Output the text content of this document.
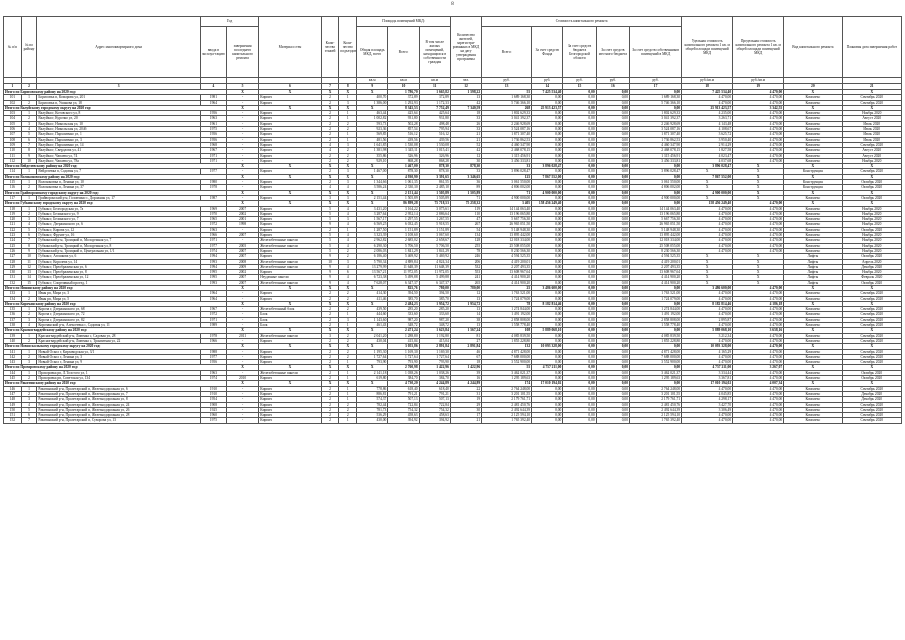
8
№ п/п	№ по району	Адрес многоквартирного дома	Год		Материал стен	Коли-чество этажей	Коли-чество подъездов	Площадь помещений МКД:			Количество жителей, зарегистри-рованных в МКД на дату утверждения программы	Стоимость капитального ремонта					Удельная стоимость капитального ремонта 1 кв. м общей площади помещений МКД	Предельная стоимость капитального ремонта 1 кв. м общей площади помещений МКД	Вид капитального ремонта	Плановая дата завершения работ
			ввода в эксплуа-тацию	завершения последнего капитального ремонта				Общая площадь МКД, всего	Всего:	В том числе жилых помещений, находящихся в собственности граждан		Всего:	За счет средств Фонда	За счет средств бюджета Белгородской области	За счет средств местного бюджета	За счет средств собственников помещений в МКД				
								кв.м	кв.м	кв.м	чел.	руб.	руб.	руб.	руб.	руб.	руб./кв.м	руб./кв.м		
1	2	3	4	5	6	7	8	9	10	11	12	13	14	15	16	17	18	19	20	21
Итого по Борисовскому району на 2020 год:				X	X	X	X	X	1 786,70	1 665,82	1 598,22	55	7 425 534,40	0,00	0,00	0,00	7 425 534,40	4 470,00	X	X
101	1	Борисовка п, Комарова ул, 201	1981	-	Кирпич	2	1	400,70	372,89	372,89	13	1 689 168,30	0,00	0,00	0,00	1 689 168,30	4 470,00	4 470,00	Комплекс	Сентябрь 2020
102	2	Борисовка п, Ушакова ул, 18	1964	-	Кирпич	2	3	1 386,00	1 292,93	1 172,33	42	5 746 366,10	0,00	0,00	0,00	5 746 366,10	4 470,00	4 470,00	Комплекс	Сентябрь 2020
Итого по Валуйскому городскому округу на 2020 год:				X	X	X	X	X	8 345,53	7 752,49	7 340,59	268	25 913 423,57	0,00	0,00	0,00	25 913 423,57	3 342,55	X	X
103	1	Валуйки г, Котовского ул, 8	1956	-	Кирпич	2	1	463,44	425,64	425,64	18	1 802 629,33	0,00	0,00	0,00	1 802 629,33	4 235,00	4 470,00	Комплекс	Ноябрь 2020
104	2	Валуйки г, Курочко ул, 20	1963	-	Кирпич	2	1	1 002,82	931,80	931,80	33	3 041 392,37	0,00	0,00	0,00	3 041 392,37	3 263,71	4 470,00	Комплекс	Август 2020
105	3	Валуйки г, Никольская ул, 10	1961	-	Кирпич	2	2	593,73	502,28	498,48	26	2 246 928,69	0,00	0,00	0,00	2 246 928,69	4 143,48	4 470,00	Комплекс	Июль 2020
106	4	Валуйки г, Никольская ул, 204б	1975	-	Кирпич	2	2	923,36	857,54	795,94	33	3 524 087,16	0,00	0,00	0,00	3 524 087,16	4 108,67	4 470,00	Комплекс	Июль 2020
107	5	Валуйки г, Пархоменко ул, 1	1956	-	Кирпич	2	1	569,85	516,12	516,12	21	1 871 307,40	0,00	0,00	0,00	1 871 307,40	3 625,72	4 470,00	Комплекс	Июль 2020
108	6	Валуйки г, Пархоменко ул, 3	1956	-	Кирпич	2	1	481,56	439,56	439,56	21	1 736 862,53	0,00	0,00	0,00	1 736 862,53	3 950,40	4 470,00	Комплекс	Июль 2020
109	7	Валуйки г, Пархоменко ул, 14	1968	-	Кирпич	4	3	1 641,85	1 530,08	1 530,08	52	4 460 347,90	0,00	0,00	0,00	4 460 347,90	2 914,29	4 470,00	Комплекс	Сентябрь 2020
110	8	Валуйки г, Свердлова ул, 41	1967	-	Кирпич	4	2	1 381,98	1 345,11	1 015,41	42	2 468 078,15	0,00	0,00	0,00	2 468 078,15	1 827,58	4 470,00	Комплекс	Август 2020
111	9	Валуйки г, Чапаева ул, 74	1971	-	Кирпич	2	2	355,86	326,96	326,96	12	1 315 456,91	0,00	0,00	0,00	1 315 456,91	4 023,47	4 470,00	Комплекс	Август 2020
112	10	Валуйки г, Чапаева ул, 78а	1971	-	Кирпич	2	2	929,10	868,28	868,28	30	3 456 333,81	0,00	0,00	0,00	3 456 333,81	4 037,68	4 470,00	Комплекс	Ноябрь 2020
Итого по Вейделевскому району на 2020 год:				X	X	X	X	X	1 467,00	878,30	878,30	33	3 896 028,47	0,00	0,00	0,00	3 896 028,47	X	X	X
114	1	Вейделевка п, Садовая ул, 7	1977	-	Кирпич	2	3	1 467,00	878,30	878,30	33	3 896 028,47	0,00	0,00	0,00	3 896 028,47	X	X	Конструкция	Сентябрь 2020
Итого по Волоконовскому району на 2020 год:				X	X	X	X	X	4 930,90	3 391,65	3 346,65	125	7 867 552,00	0,00	0,00	0,00	7 867 552,00	X	X	X
115	1	Волоконовка п, Ленина ул, 10	1980	-	Кирпич	2	3	1 344,66	1 061,35	861,55	36	3 061 550,00	0,00	0,00	0,00	3 061 550,00	X	X	Конструкция	Октябрь 2020
116	2	Волоконовка п, Ленина ул, 37	1978	-	Кирпич	4	4	3 586,24	2 330,30	2 485,10	89	4 806 002,00	0,00	0,00	0,00	4 806 002,00	X	X	Конструкция	Октябрь 2020
Итого по Грайворонскому городскому округу на 2020 год:				X	X	X	X	X	2 151,44	1 505,89	1 505,89	71	4 900 000,00	0,00	0,00	0,00	4 900 000,00	X	X	X
117	1	Грайворонский р-н, Головчино с, Дорожная ул, 17	1987	-	Кирпич	3	3	2 151,44	1 505,89	1 505,89	71	4 900 000,00	0,00	0,00	0,00	4 900 000,00	X	X	Комплекс	Октябрь 2020
Итого по Губкинскому городскому округу на 2020 год:				X	X	X	X	X	86 899,28	75 718,53	75 258,32	3 405	158 456 249,40	0,00	0,00	0,00	158 456 249,40	4 470,00	X	X
118	1	Губкин г, Белгородская ул, 7а	1969	2007	Кирпич	5	4	3 431,20	3 164,22	3 075,61	119	14 144 063,40	0,00	0,00	0,00	14 144 063,40	4 470,00	4 470,00	Комплекс	Ноябрь 2020
119	2	Губкин г, Белинского ул, 9	1970	2002	Кирпич	5	4	3 287,64	2 952,14	2 886,64	110	13 196 065,80	0,00	0,00	0,00	13 196 065,80	4 470,00	4 470,00	Комплекс	Ноябрь 2020
120	3	Губкин г, Белинского ул, 7	1965	2001	Кирпич	5	3	1 567,17	1 297,55	1 267,55	47	5 667 756,30	0,00	0,00	0,00	5 667 756,30	4 470,00	4 470,00	Комплекс	Ноябрь 2020
121	4	Губкин г, Дзержинского ул, 6	1972	1998	Кирпич	9	4	6 569,25	6 032,45	5 918,55	267	26 965 051,50	0,00	0,00	0,00	26 965 051,50	4 470,00	4 470,00	Комплекс	Ноябрь 2020
122	5	Губкин г, Кирова ул, 12	1963	-	Кирпич	2	1	1 287,50	1 151,89	1 151,89	54	5 148 948,30	0,00	0,00	0,00	5 148 948,30	4 470,00	4 470,00	Комплекс	Октябрь 2020
123	6	Губкин г, Фрунзе ул, 16	1966	2007	Кирпич	5	4	3 323,39	3 108,60	3 067,60	134	13 895 442,00	0,00	0,00	0,00	13 895 442,00	4 470,00	4 470,00	Комплекс	Ноябрь 2020
124	7	Губкинский р-н, Троицкий п, Молодежная ул, 7	1971	-	Железобетонные панели	5	4	2 962,82	2 685,02	2 658,67	128	12 018 334,00	0,00	0,00	0,00	12 018 334,00	4 470,00	4 470,00	Комплекс	Ноябрь 2020
125	8	Губкинский р-н, Троицкий п, Молодежная ул, 8	1977	2005	Железобетонные панели	5	4	6 290,30	5 706,50	5 706,50	255	25 508 055,00	0,00	0,00	0,00	25 508 055,00	4 470,00	4 470,00	Комплекс	Ноябрь 2020
126	9	Губкинский р-н, Троицкий п, Центральная ул, 1/1	1974	2007	Кирпич	5	2	2 086,03	1 841,29	1 841,29	78	8 230 566,30	0,00	0,00	0,00	8 230 566,30	4 470,00	4 470,00	Комплекс	Ноябрь 2020
127	10	Губкин г, Агошкова ул, 6	1994	2007	Кирпич	9	2	6 186,40	5 469,92	5 469,92	246	4 594 525,35	0,00	0,00	0,00	4 594 525,35	X	X	Лифты	Октябрь 2020
128	11	Губкин г, Королева ул, 14	1993	2008	Железобетонные панели	10	3	5 790,34	4 889,84	4 824,34	206	4 419 200,01	0,00	0,00	0,00	4 419 200,01	X	X	Лифты	Апрель 2020
129	12	Губкин г, Преображенская ул, 6	1994	2009	Железобетонные панели	9	4	13 279,99	11 648,39	11 648,39	532	2 207 493,35	0,00	0,00	0,00	2 207 493,35	X	X	Лифты	Декабрь 2020
130	13	Губкин г, Преображенская ул, 8	1995	2002	Кирпич	9	6	13 567,21	11 972,05	11 972,05	553	13 608 967,64	0,00	0,00	0,00	13 608 967,64	X	X	Лифты	Ноябрь 2020
131	14	Губкин г, Преображенская ул, 12	1995	2007	Неудачные панели	9	4	6 723,38	5 499,88	5 499,88	241	4 414 900,20	0,00	0,00	0,00	4 414 900,20	X	X	Лифты	Февраль 2020
132	15	Губкин г, Спортивный проезд, 1	1993	2007	Железобетонные панели	9	4	7 628,07	6 347,37	6 347,37	265	4 414 900,20	0,00	0,00	0,00	4 414 900,20	X	X	Лифты	Октябрь 2020
Итого по Ивнянскому району на 2020 год:				X	X	X	X	X	825,76	780,00	780,00	25	3 486 600,00	0,00	0,00	0,00	3 486 600,00	4 470,00	X	X
133	1	Ивня рп, Мира ул, 3	1964	-	Кирпич	2	2	414,30	394,50	394,50	12	1 763 521,00	0,00	0,00	0,00	1 763 521,00	4 470,00	4 470,00	Комплекс	Сентябрь 2020
134	2	Ивня рп, Мира ул, 5	1964	-	Кирпич	2	2	411,46	385,70	385,70	13	1 724 079,00	0,00	0,00	0,00	1 724 079,00	4 470,00	4 470,00	Комплекс	Сентябрь 2020
Итого по Корочанскому району на 2020 год:				X	X	X	X	X	2 484,23	1 954,72	1 954,72	78	8 182 814,46	0,00	0,00	0,00	8 182 814,46	4 186,18	X	X
135	1	Короча г, Дзержинского ул, 68	1967	-	Железобетонный блок	2	2	439,50	285,20	285,20	13	1 274 844,00	0,00	0,00	0,00	1 274 844,00	4 470,00	4 470,00	Комплекс	Сентябрь 2020
136	2	Короча г, Дзержинского ул, 72	1972	-	Блок	2	1	444,60	333,60	333,60	14	1 491 192,00	0,00	0,00	0,00	1 491 192,00	4 470,00	4 470,00	Комплекс	Сентябрь 2020
137	3	Короча г, Дзержинского ул, 82	1971	-	Блок	2	3	1 143,60	987,20	987,20	38	2 858 808,00	0,00	0,00	0,00	2 858 808,00	2 895,87	4 470,00	Комплекс	Сентябрь 2020
138	4	Корочанский р-н, Алексеевка с, Садовая ул, 11	1989	-	Блок	2	1	461,43	348,72	348,72	13	1 558 778,40	0,00	0,00	0,00	1 558 778,40	4 470,00	4 470,00	Комплекс	Сентябрь 2020
Итого по Красногвардейскому району на 2020 год:				X	X	X	X	X	2 471,24	1 623,84	1 567,24	108	5 889 068,10	0,00	0,00	0,00	5 889 068,10	3 658,16	X	X
139	1	Красногвардейский р-н, Ливенка с, Садовая ул, 28	1978	2011	Железобетонные панели	3	2	2 041,20	1 288,80	1 192,80	81	4 085 839,50	0,00	0,00	0,00	4 085 839,50	3 212,34	4 470,00	Комплекс	Сентябрь 2020
140	2	Красногвардейский р-н, Ливенка с, Транзитная ул, 22	1966	-	Кирпич	2	2	430,04	415,04	415,04	27	1 855 228,80	0,00	0,00	0,00	1 855 228,80	4 470,00	4 470,00	Комплекс	Сентябрь 2020
Итого по Новооскольскому городскому округу на 2020 год:				X	X	X	X	X	3 055,86	2 891,84	2 891,84	132	10 093 328,00	0,00	0,00	0,00	10 093 328,00	4 470,00	X	X
141	1	Новый Оскол г, Кирзаводская ул, 3/1	1988	-	Кирпич	2	2	1 195,30	1 169,30	1 169,30	46	4 871 428,00	0,00	0,00	0,00	4 871 428,00	4 165,29	4 470,00	Комплекс	Сентябрь 2020
142	2	Новый Оскол г, Ленина ул, 3	1977	-	Кирпич	2	2	1 727,64	1 727,64	1 727,64	67	7 688 000,00	0,00	0,00	0,00	7 688 000,00	4 470,00	4 470,00	Комплекс	Сентябрь 2020
143	3	Новый Оскол г, Ленина ул, 9	1956	-	Кирпич	2	1	793,90	793,90	793,90	18	3 552 900,00	0,00	0,00	0,00	3 552 900,00	4 470,00	4 470,00	Комплекс	Сентябрь 2020
Итого по Прохоровскому району на 2020 год:				X	X	X	X	X	2 760,98	1 422,96	1 422,96	55	4 757 211,00	0,00	0,00	0,00	4 757 211,00	3 267,07	X	X
144	1	Прохоровка рп, Л.Толстого ул, 1	1963	-	Железобетонные панели	2	1	2 141,18	1 038,26	1 038,26	39	3 462 021,37	0,00	0,00	0,00	3 462 021,37	3 334,44	4 470,00	Комплекс	Октябрь 2020
145	2	Прохоровка рп, Советская ул, 134	1974	2010	Кирпич	2	1	619,80	384,70	384,70	16	1 295 189,63	0,00	0,00	0,00	1 295 189,63	3 367,81	4 470,00	Комплекс	Октябрь 2020
Итого по Ракитянскому району на 2020 год:				X	X	X	X	X	4 730,20	4 244,89	4 244,89	174	17 010 194,02	0,00	0,00	0,00	17 010 194,02	4 007,34	X	X
146	1	Ракитянский р-н, Пролетарский п, Железнодорожная ул, 6	1910	-	Кирпич	2	1	778,86	618,40	618,40	22	2 764 248,00	0,00	0,00	0,00	2 764 248,00	4 470,00	4 470,00	Комплекс	Сентябрь 2020
147	2	Ракитянский р-н, Пролетарский п, Железнодорожная ул, 7	1910	-	Кирпич	2	1	886,81	791,21	791,21	31	3 201 101,55	0,00	0,00	0,00	3 201 101,55	4 045,85	4 470,00	Комплекс	Декабрь 2020
148	3	Ракитянский р-н, Пролетарский п, Железнодорожная ул, 8	1954	-	Кирпич	2	1	574,37	507,13	507,13	19	2 179 761,71	0,00	0,00	0,00	2 179 761,71	4 298,17	4 470,00	Комплекс	Декабрь 2020
149	4	Ракитянский р-н, Пролетарский п, Железнодорожная ул, 24	1908	-	Кирпич	2	2	782,44	722,84	722,84	29	2 481 450,76	0,00	0,00	0,00	2 481 450,76	3 427,70	4 470,00	Комплекс	Сентябрь 2020
150	5	Ракитянский р-н, Пролетарский п, Железнодорожная ул, 26	1925	-	Кирпич	2	2	781,73	754,32	754,32	30	2 492 644,39	0,00	0,00	0,00	2 492 644,39	3 306,49	4 470,00	Комплекс	Сентябрь 2020
151	6	Ракитянский р-н, Пролетарский п, Железнодорожная ул, 28	1960	-	Кирпич	2	2	536,29	458,63	458,63	17	2 125 594,10	0,00	0,00	0,00	2 125 594,10	4 470,00	4 470,00	Комплекс	Сентябрь 2020
152	7	Ракитянский р-н, Пролетарский п, Суворова ул, 13	1975	-	Кирпич	2	1	430,00	394,92	394,92	21	1 765 392,40	0,00	0,00	0,00	1 765 392,40	4 470,00	4 470,00	Комплекс	Сентябрь 2020
